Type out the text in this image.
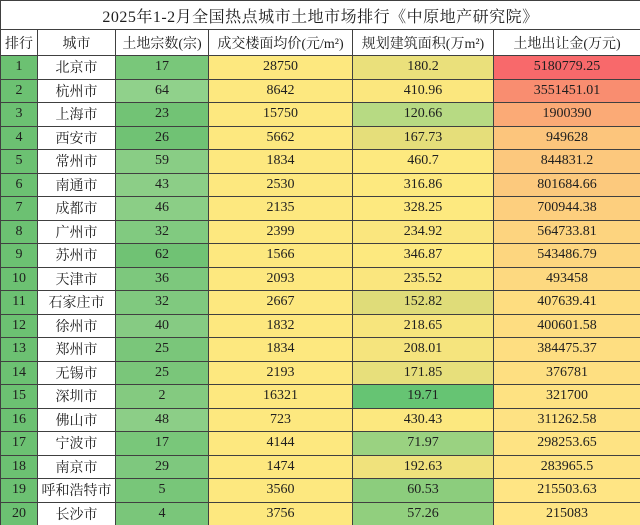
2025年1-2月全国热点城市土地市场排行《中原地产研究院》					
排行	城市	土地宗数(宗)	成交楼面均价(元/m²)	规划建筑面积(万m²)	土地出让金(万元)
1	北京市	17	28750	180.2	5180779.25
2	杭州市	64	8642	410.96	3551451.01
3	上海市	23	15750	120.66	1900390
4	西安市	26	5662	167.73	949628
5	常州市	59	1834	460.7	844831.2
6	南通市	43	2530	316.86	801684.66
7	成都市	46	2135	328.25	700944.38
8	广州市	32	2399	234.92	564733.81
9	苏州市	62	1566	346.87	543486.79
10	天津市	36	2093	235.52	493458
11	石家庄市	32	2667	152.82	407639.41
12	徐州市	40	1832	218.65	400601.58
13	郑州市	25	1834	208.01	384475.37
14	无锡市	25	2193	171.85	376781
15	深圳市	2	16321	19.71	321700
16	佛山市	48	723	430.43	311262.58
17	宁波市	17	4144	71.97	298253.65
18	南京市	29	1474	192.63	283965.5
19	呼和浩特市	5	3560	60.53	215503.63
20	长沙市	4	3756	57.26	215083
